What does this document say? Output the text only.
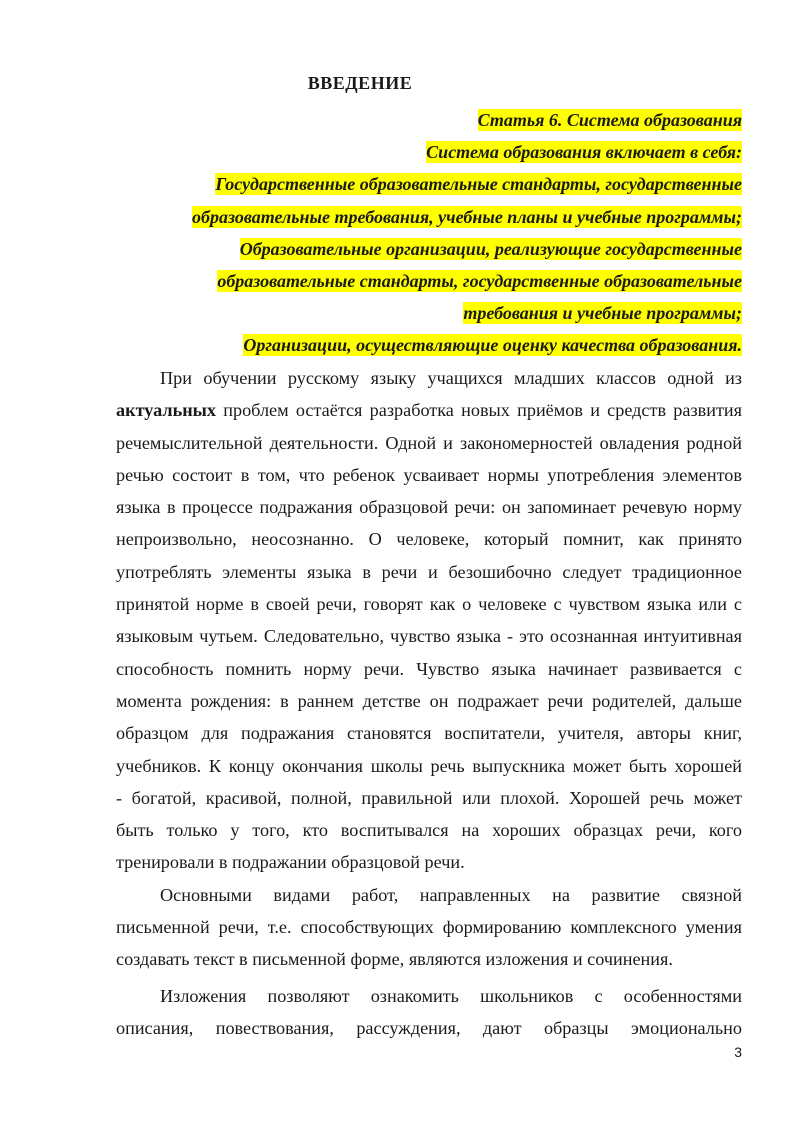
ВВЕДЕНИЕ
Статья 6. Система образования
Система образования включает в себя:
Государственные образовательные стандарты, государственные
образовательные требования, учебные планы и учебные программы;
Образовательные организации, реализующие государственные
образовательные стандарты, государственные образовательные
требования и учебные программы;
Организации, осуществляющие оценку качества образования.
При обучении русскому языку учащихся младших классов одной из
актуальных проблем остаётся разработка новых приёмов и средств развития
речемыслительной деятельности. Одной и закономерностей овладения родной
речью состоит в том, что ребенок усваивает нормы употребления элементов
языка в процессе подражания образцовой речи: он запоминает речевую норму
непроизвольно, неосознанно. О человеке, который помнит, как принято
употреблять элементы языка в речи и безошибочно следует традиционное
принятой норме в своей речи, говорят как о человеке с чувством языка или с
языковым чутьем. Следовательно, чувство языка - это осознанная интуитивная
способность помнить норму речи. Чувство языка начинает развивается с
момента рождения: в раннем детстве он подражает речи родителей, дальше
образцом для подражания становятся воспитатели, учителя, авторы книг,
учебников. К концу окончания школы речь выпускника может быть хорошей
- богатой, красивой, полной, правильной или плохой. Хорошей речь может
быть только у того, кто воспитывался на хороших образцах речи, кого
тренировали в подражании образцовой речи.
Основными видами работ, направленных на развитие связной
письменной речи, т.е. способствующих формированию комплексного умения
создавать текст в письменной форме, являются изложения и сочинения.
Изложения позволяют ознакомить школьников с особенностями
описания, повествования, рассуждения, дают образцы эмоционально
3
